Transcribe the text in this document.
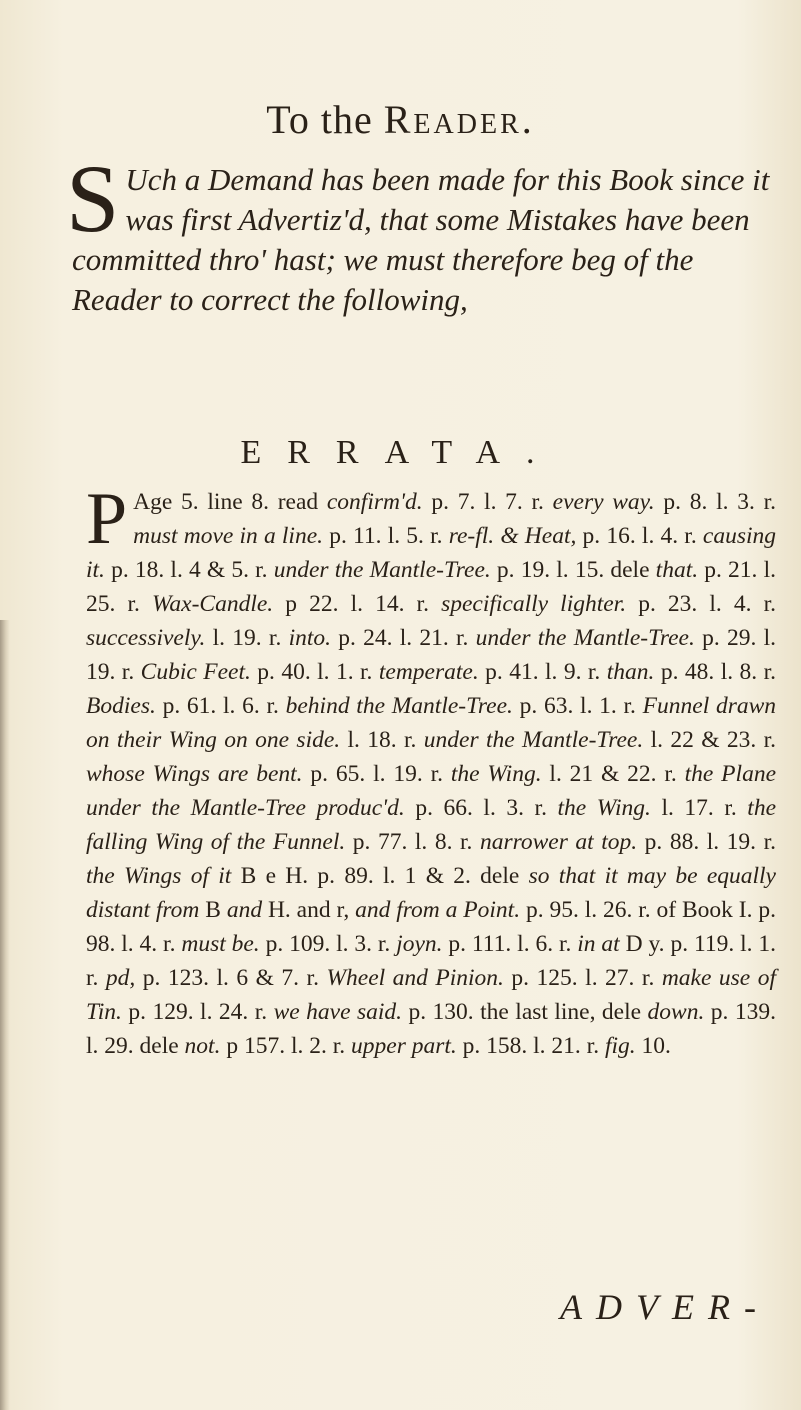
To the Reader.
S Uch a Demand has been made for this Book since it was first Advertiz'd, that some Mistakes have been committed thro' hast; we must therefore beg of the Reader to correct the following,
ERRATA.
P Age 5. line 8. read confirm'd. p. 7. l. 7. r. every way. p. 8. l. 3. r. must move in a line. p. 11. l. 5. r. re-fl. & Heat, p. 16. l. 4. r. causing it. p. 18. l. 4 & 5. r. under the Mantle-Tree. p. 19. l. 15. dele that. p. 21. l. 25. r. Wax-Candle. p 22. l. 14. r. specifically lighter. p. 23. l. 4. r. successively. l. 19. r. into. p. 24. l. 21. r. under the Mantle-Tree. p. 29. l. 19. r. Cubic Feet. p. 40. l. 1. r. temperate. p. 41. l. 9. r. than. p. 48. l. 8. r. Bodies. p. 61. l. 6. r. behind the Mantle-Tree. p. 63. l. 1. r. Funnel drawn on their Wing on one side. l. 18. r. under the Mantle-Tree. l. 22 & 23. r. whose Wings are bent. p. 65. l. 19. r. the Wing. l. 21 & 22. r. the Plane under the Mantle-Tree produc'd. p. 66. l. 3. r. the Wing. l. 17. r. the falling Wing of the Funnel. p. 77. l. 8. r. narrower at top. p. 88. l. 19. r. the Wings of it B e H. p. 89. l. 1 & 2. dele so that it may be equally distant from B and H. and r, and from a Point. p. 95. l. 26. r. of Book I. p. 98. l. 4. r. must be. p. 109. l. 3. r. joyn. p. 111. l. 6. r. in at D y. p. 119. l. 1. r. pd, p. 123. l. 6 & 7. r. Wheel and Pinion. p. 125. l. 27. r. make use of Tin. p. 129. l. 24. r. we have said. p. 130. the last line, dele down. p. 139. l. 29. dele not. p 157. l. 2. r. upper part. p. 158. l. 21. r. fig. 10.
ADVER-
